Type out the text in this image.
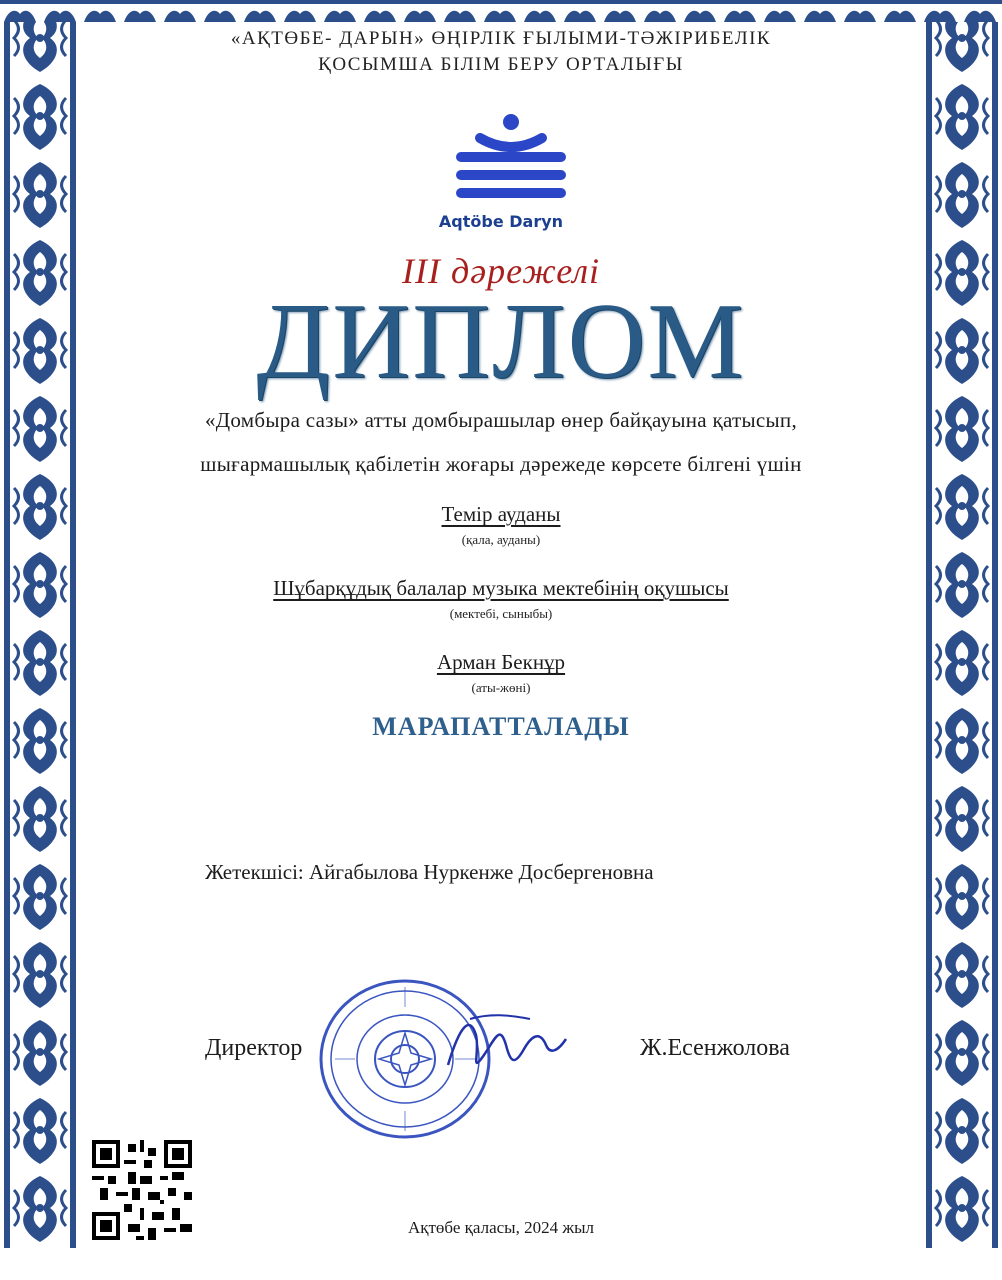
«АҚТӨБЕ- ДАРЫН» ӨҢІРЛІК ҒЫЛЫМИ-ТӘЖІРИБЕЛІК
ҚОСЫМША БІЛІМ БЕРУ ОРТАЛЫҒЫ
Aqtöbe Daryn
III дәрежелі
ДИПЛОМ
«Домбыра сазы» атты домбырашылар өнер байқауына қатысып,
шығармашылық қабілетін жоғары дәрежеде көрсете білгені үшін
Темір ауданы
(қала, ауданы)
Шұбарқұдық балалар музыка мектебінің оқушысы
(мектебі, сыныбы)
Арман Бекнұр
(аты-жөні)
МАРАПАТТАЛАДЫ
Жетекшісі: Айгабылова Нуркенже Досбергеновна
Директор	Ж.Есенжолова
Ақтөбе қаласы, 2024 жыл
